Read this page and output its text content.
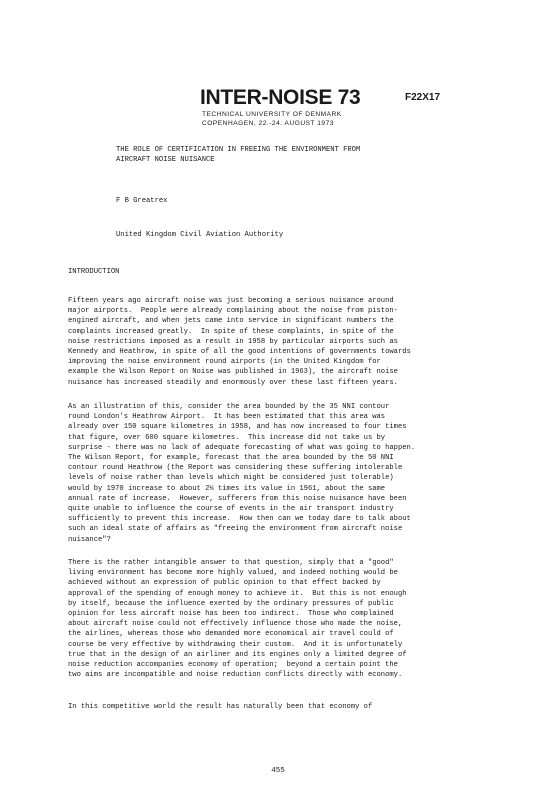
INTER-NOISE 73	F22X17
TECHNICAL UNIVERSITY OF DENMARK
COPENHAGEN, 22.-24. AUGUST 1973
THE ROLE OF CERTIFICATION IN FREEING THE ENVIRONMENT FROM
AIRCRAFT NOISE NUISANCE
F B Greatrex
United Kingdom Civil Aviation Authority
INTRODUCTION
Fifteen years ago aircraft noise was just becoming a serious nuisance around
major airports.  People were already complaining about the noise from piston-
engined aircraft, and when jets came into service in significant numbers the
complaints increased greatly.  In spite of these complaints, in spite of the
noise restrictions imposed as a result in 1958 by particular airports such as
Kennedy and Heathrow, in spite of all the good intentions of governments towards
improving the noise environment round airports (in the United Kingdom for
example the Wilson Report on Noise was published in 1963), the aircraft noise
nuisance has increased steadily and enormously over these last fifteen years.
As an illustration of this, consider the area bounded by the 35 NNI contour
round London's Heathrow Airport.  It has been estimated that this area was
already over 150 square kilometres in 1958, and has now increased to four times
that figure, over 600 square kilometres.  This increase did not take us by
surprise - there was no lack of adequate forecasting of what was going to happen.
The Wilson Report, for example, forecast that the area bounded by the 50 NNI
contour round Heathrow (the Report was considering these suffering intolerable
levels of noise rather than levels which might be considered just tolerable)
would by 1970 increase to about 2¼ times its value in 1961, about the same
annual rate of increase.  However, sufferers from this noise nuisance have been
quite unable to influence the course of events in the air transport industry
sufficiently to prevent this increase.  How then can we today dare to talk about
such an ideal state of affairs as "freeing the environment from aircraft noise
nuisance"?
There is the rather intangible answer to that question, simply that a "good"
living environment has become more highly valued, and indeed nothing would be
achieved without an expression of public opinion to that effect backed by
approval of the spending of enough money to achieve it.  But this is not enough
by itself, because the influence exerted by the ordinary pressures of public
opinion for less aircraft noise has been too indirect.  Those who complained
about aircraft noise could not effectively influence those who made the noise,
the airlines, whereas those who demanded more economical air travel could of
course be very effective by withdrawing their custom.  And it is unfortunately
true that in the design of an airliner and its engines only a limited degree of
noise reduction accompanies economy of operation;  beyond a certain point the
two aims are incompatible and noise reduction conflicts directly with economy.
In this competitive world the result has naturally been that economy of
455
